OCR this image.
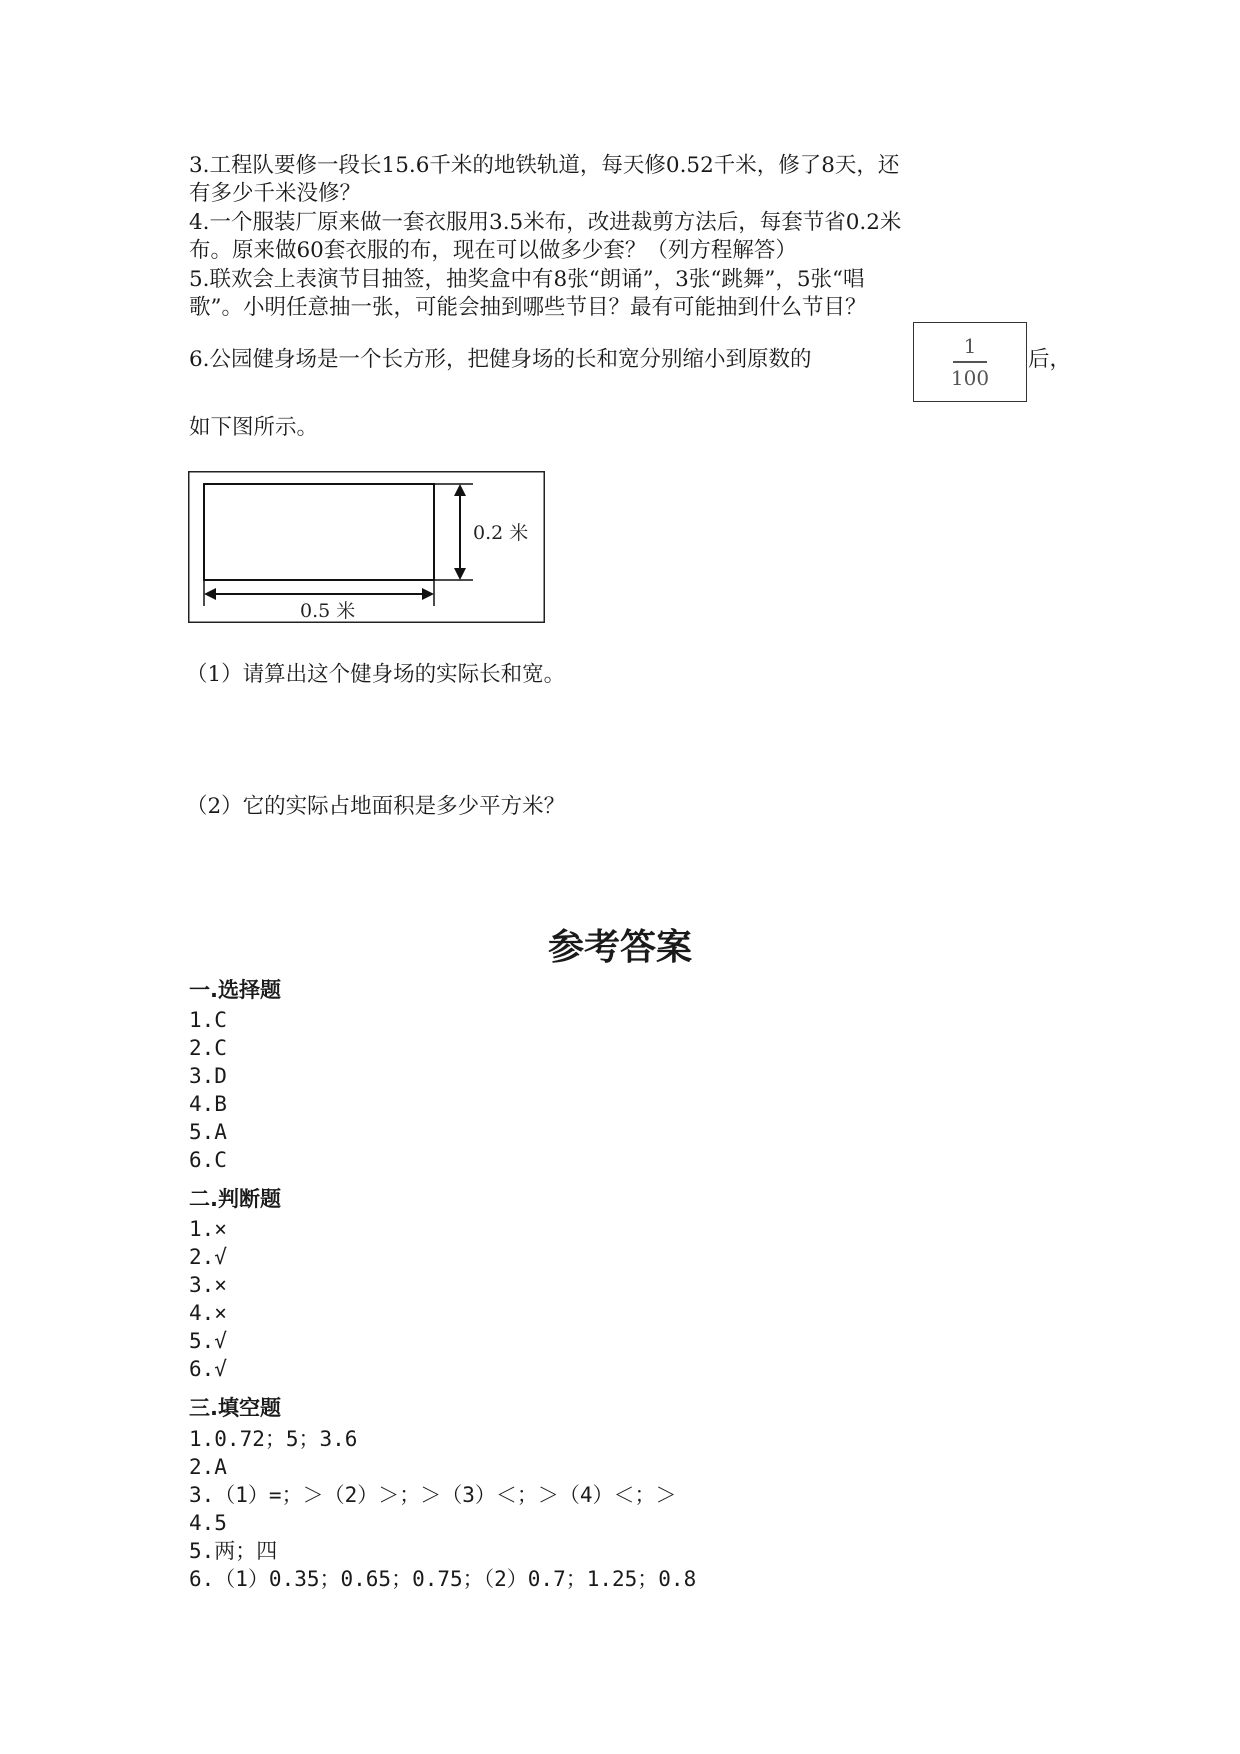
3.工程队要修一段长15.6千米的地铁轨道，每天修0.52千米，修了8天，还
有多少千米没修？
4.一个服装厂原来做一套衣服用3.5米布，改进裁剪方法后，每套节省0.2米
布。原来做60套衣服的布，现在可以做多少套？（列方程解答）
5.联欢会上表演节目抽签，抽奖盒中有8张“朗诵”，3张“跳舞”，5张“唱
歌”。小明任意抽一张，可能会抽到哪些节目？最有可能抽到什么节目？
6.公园健身场是一个长方形，把健身场的长和宽分别缩小到原数的
1
100
后，
如下图所示。
0.2 米
0.5 米
（1）请算出这个健身场的实际长和宽。
（2）它的实际占地面积是多少平方米？
参考答案
一.选择题
1.C
2.C
3.D
4.B
5.A
6.C
二.判断题
1.×
2.√
3.×
4.×
5.√
6.√
三.填空题
1.0.72；5；3.6
2.A
3.（1）=；＞（2）＞；＞（3）＜；＞（4）＜；＞
4.5
5.两；四
6.（1）0.35；0.65；0.75；（2）0.7；1.25；0.8
